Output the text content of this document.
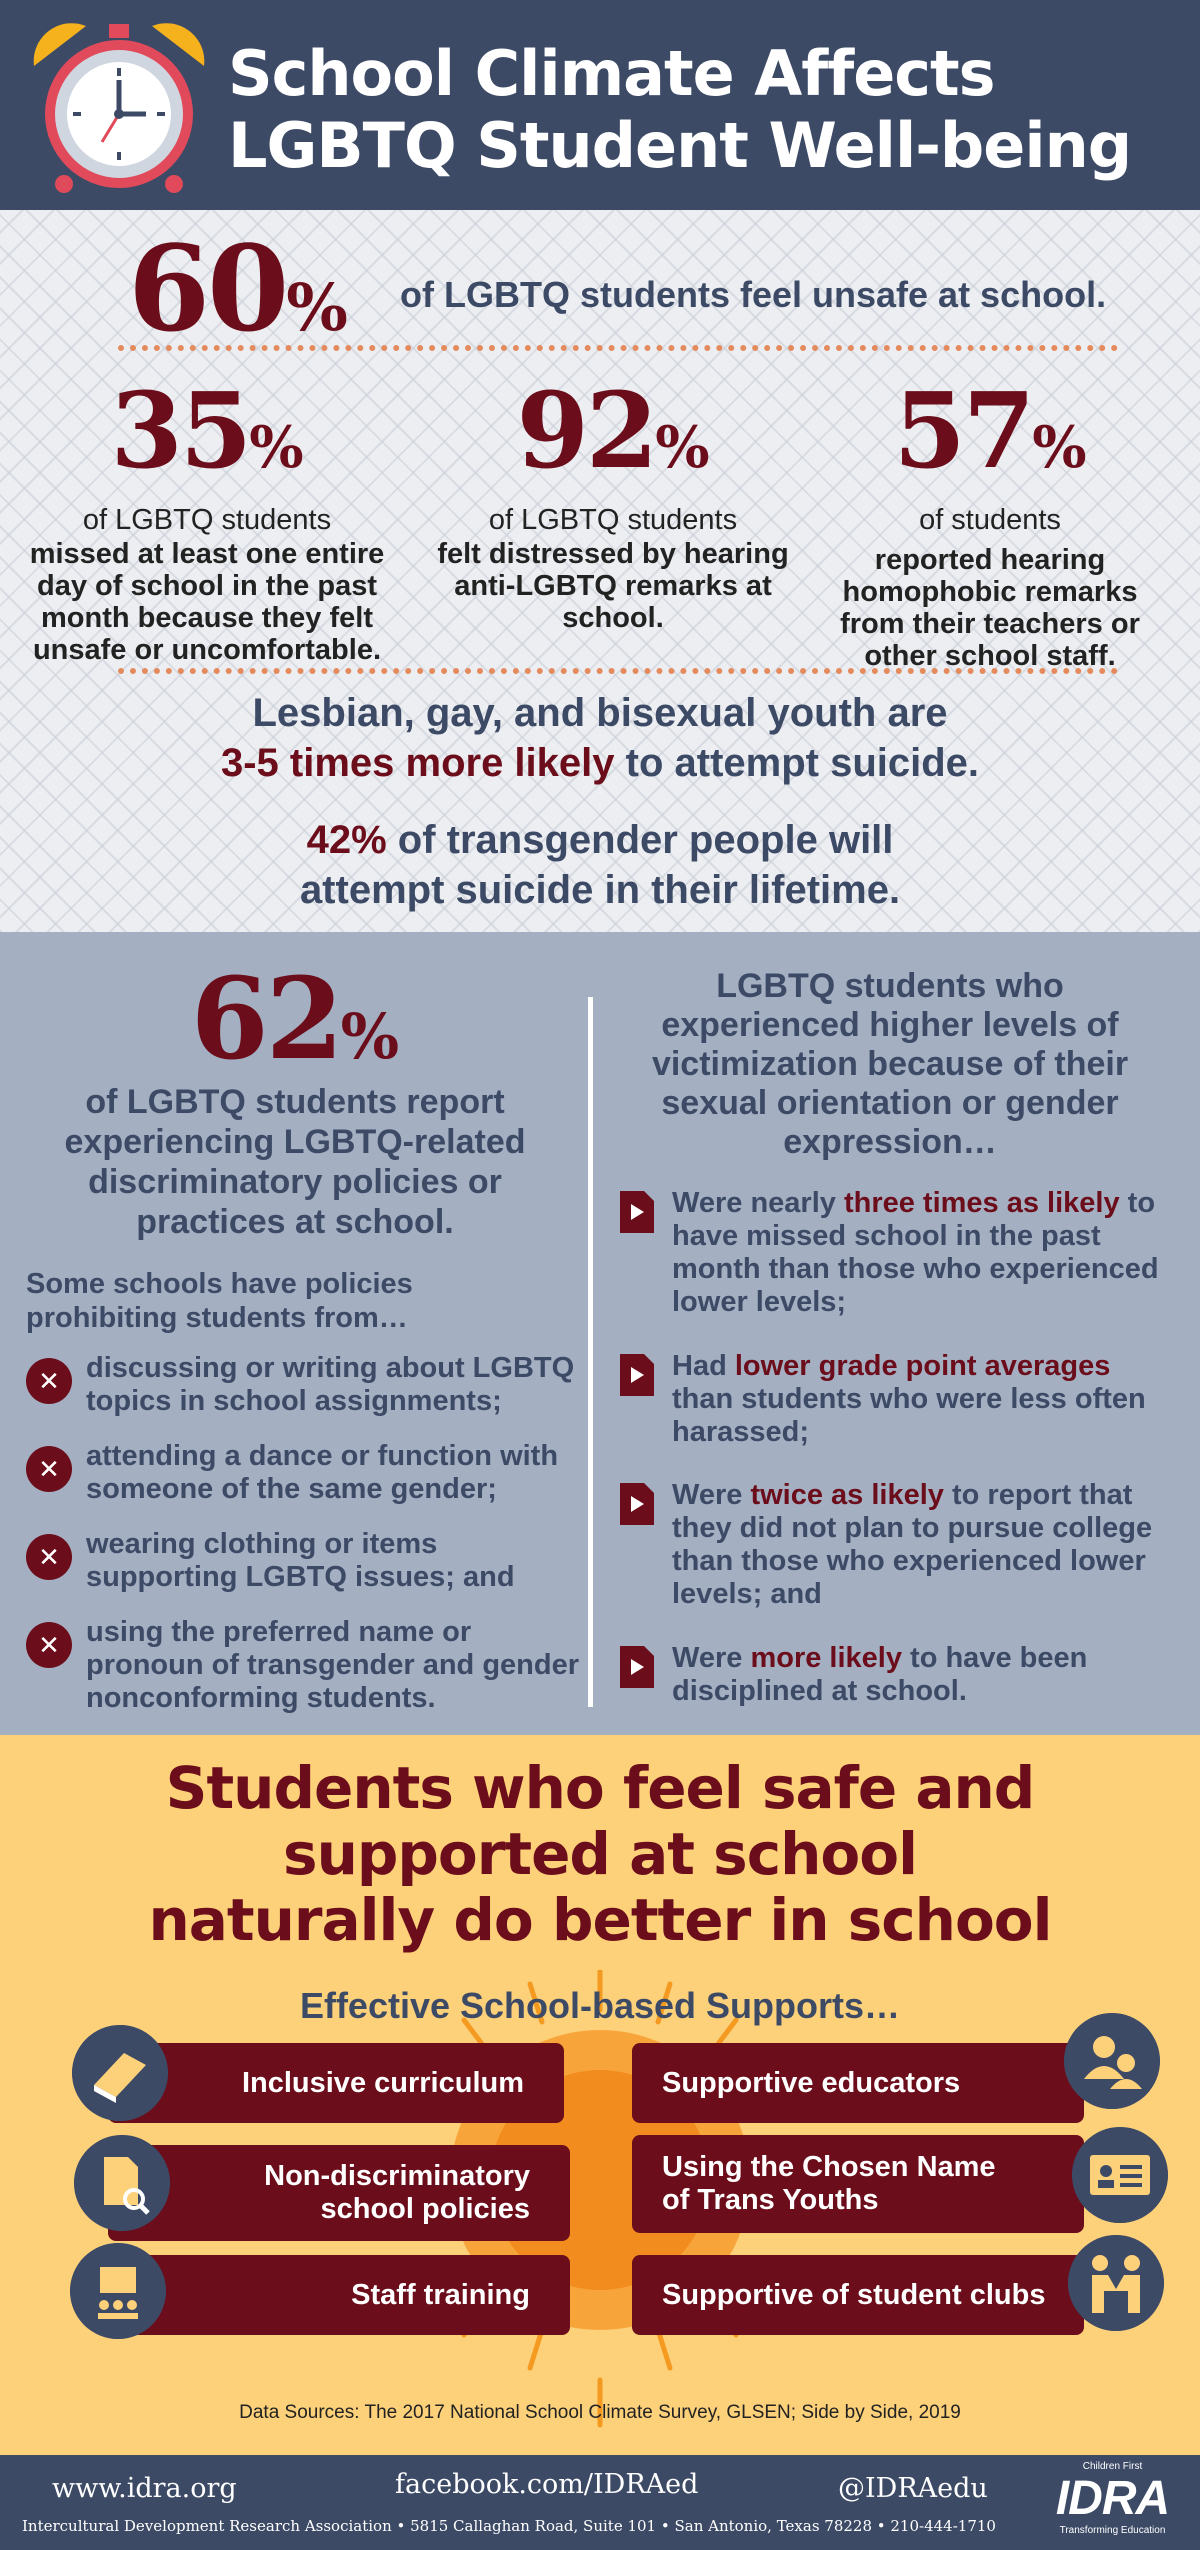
School Climate Affects
LGBTQ Student Well-being
60% of LGBTQ students feel unsafe at school.
35%
of LGBTQ students
missed at least one entire day of school in the past month because they felt unsafe or uncomfortable.
92%
of LGBTQ students
felt distressed by hearing anti-LGBTQ remarks at school.
57%
of students
reported hearing homophobic remarks from their teachers or other school staff.
Lesbian, gay, and bisexual youth are
3-5 times more likely to attempt suicide.
42% of transgender people will
attempt suicide in their lifetime.
62%
of LGBTQ students report experiencing LGBTQ-related discriminatory policies or practices at school.
Some schools have policies prohibiting students from…
✕ discussing or writing about LGBTQ topics in school assignments;
✕ attending a dance or function with someone of the same gender;
✕ wearing clothing or items supporting LGBTQ issues; and
✕ using the preferred name or pronoun of transgender and gender nonconforming students.
LGBTQ students who experienced higher levels of victimization because of their sexual orientation or gender expression…
Were nearly three times as likely to have missed school in the past month than those who experienced lower levels;
Had lower grade point averages than students who were less often harassed;
Were twice as likely to report that they did not plan to pursue college than those who experienced lower levels; and
Were more likely to have been disciplined at school.
Students who feel safe and
supported at school
naturally do better in school
Effective School-based Supports…
Inclusive curriculum
Non-discriminatory
school policies
Staff training
Supportive educators
Using the Chosen Name
of Trans Youths
Supportive of student clubs
Data Sources: The 2017 National School Climate Survey, GLSEN; Side by Side, 2019
www.idra.org	facebook.com/IDRAed	@IDRAedu
Intercultural Development Research Association • 5815 Callaghan Road, Suite 101 • San Antonio, Texas 78228 • 210-444-1710
Children First
IDRA
Transforming Education
